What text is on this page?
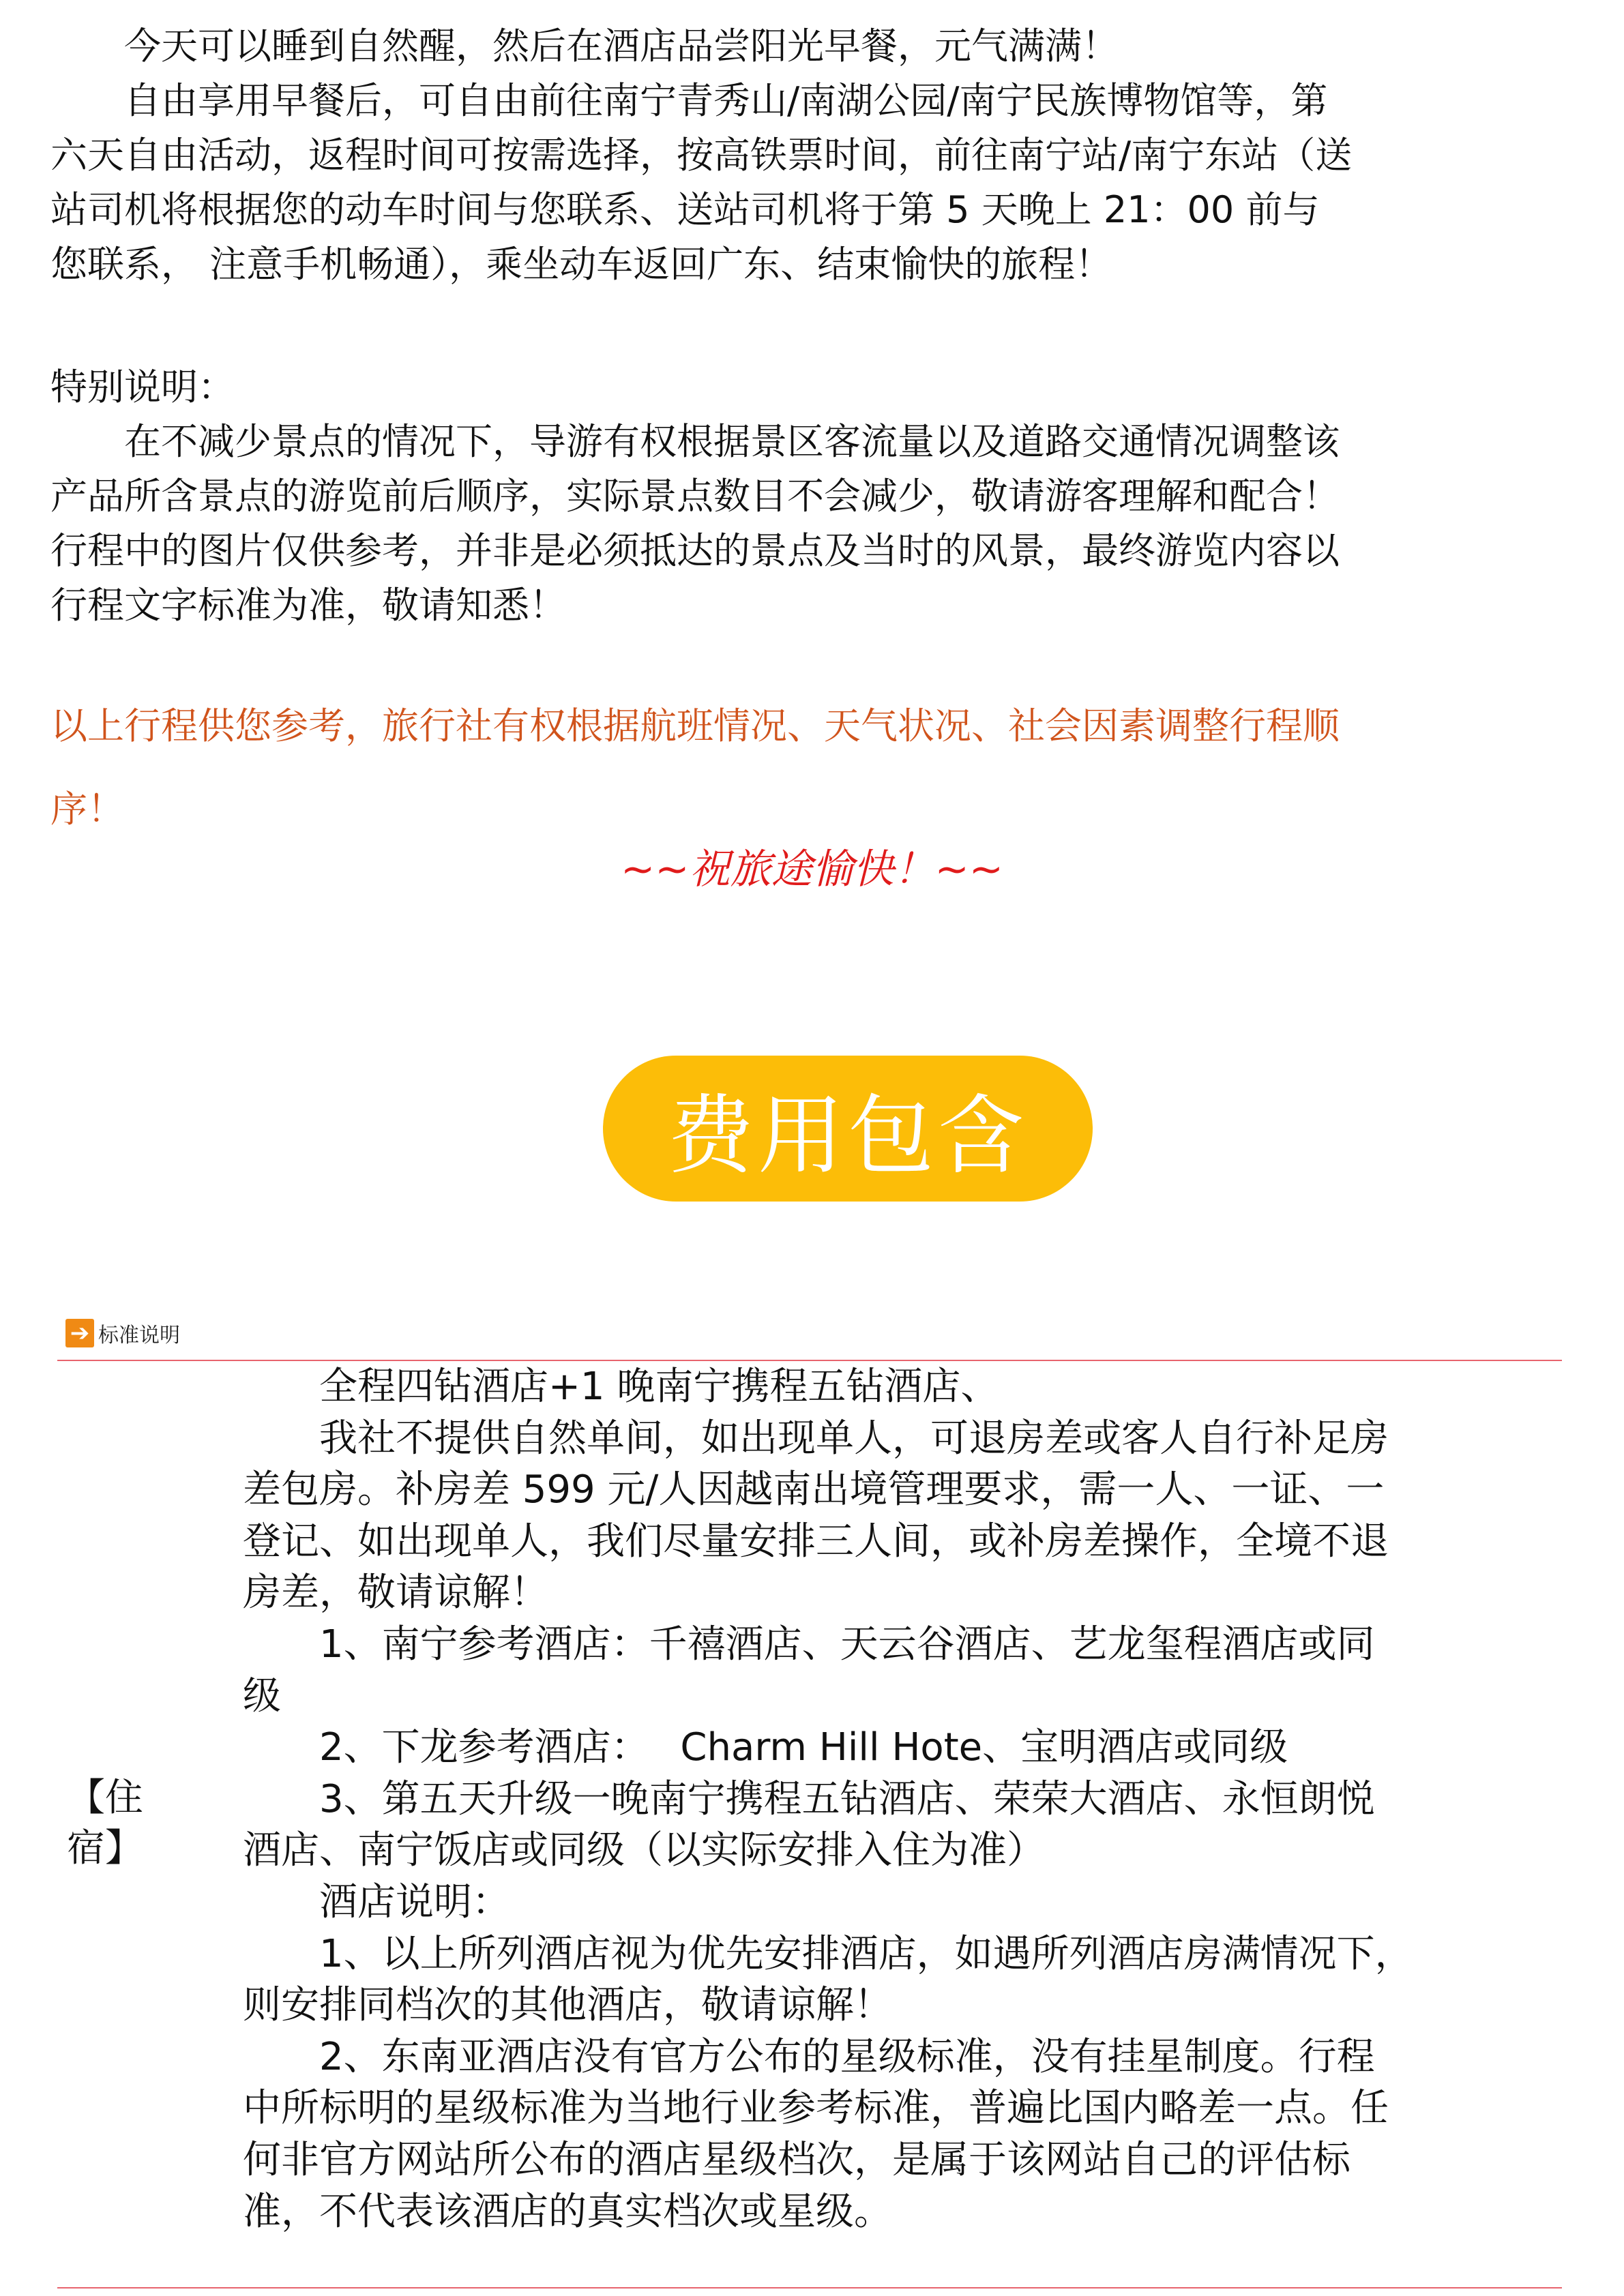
　　今天可以睡到自然醒，然后在酒店品尝阳光早餐，元气满满！
　　自由享用早餐后，可自由前往南宁青秀山/南湖公园/南宁民族博物馆等，第
六天自由活动，返程时间可按需选择，按高铁票时间，前往南宁站/南宁东站（送
站司机将根据您的动车时间与您联系、送站司机将于第 5 天晚上 21：00 前与
您联系， 注意手机畅通），乘坐动车返回广东、结束愉快的旅程！
特别说明：
　　在不减少景点的情况下，导游有权根据景区客流量以及道路交通情况调整该
产品所含景点的游览前后顺序，实际景点数目不会减少，敬请游客理解和配合！
行程中的图片仅供参考，并非是必须抵达的景点及当时的风景，最终游览内容以
行程文字标准为准，敬请知悉！
以上行程供您参考，旅行社有权根据航班情况、天气状况、社会因素调整行程顺
序！
~~祝旅途愉快！~~
费用包含
➔ 标准说明
【住
宿】
　　全程四钻酒店+1 晚南宁携程五钻酒店、
　　我社不提供自然单间，如出现单人，可退房差或客人自行补足房
差包房。补房差 599 元/人因越南出境管理要求，需一人、一证、一
登记、如出现单人，我们尽量安排三人间，或补房差操作，全境不退
房差，敬请谅解！
　　1、南宁参考酒店：千禧酒店、天云谷酒店、艺龙玺程酒店或同
级
　　2、下龙参考酒店：　 Charm Hill Hote、宝明酒店或同级
　　3、第五天升级一晚南宁携程五钻酒店、荣荣大酒店、永恒朗悦
酒店、南宁饭店或同级（以实际安排入住为准）
　　酒店说明：
　　1、以上所列酒店视为优先安排酒店，如遇所列酒店房满情况下，
则安排同档次的其他酒店，敬请谅解！
　　2、东南亚酒店没有官方公布的星级标准，没有挂星制度。行程
中所标明的星级标准为当地行业参考标准，普遍比国内略差一点。任
何非官方网站所公布的酒店星级档次，是属于该网站自己的评估标
准，不代表该酒店的真实档次或星级。
